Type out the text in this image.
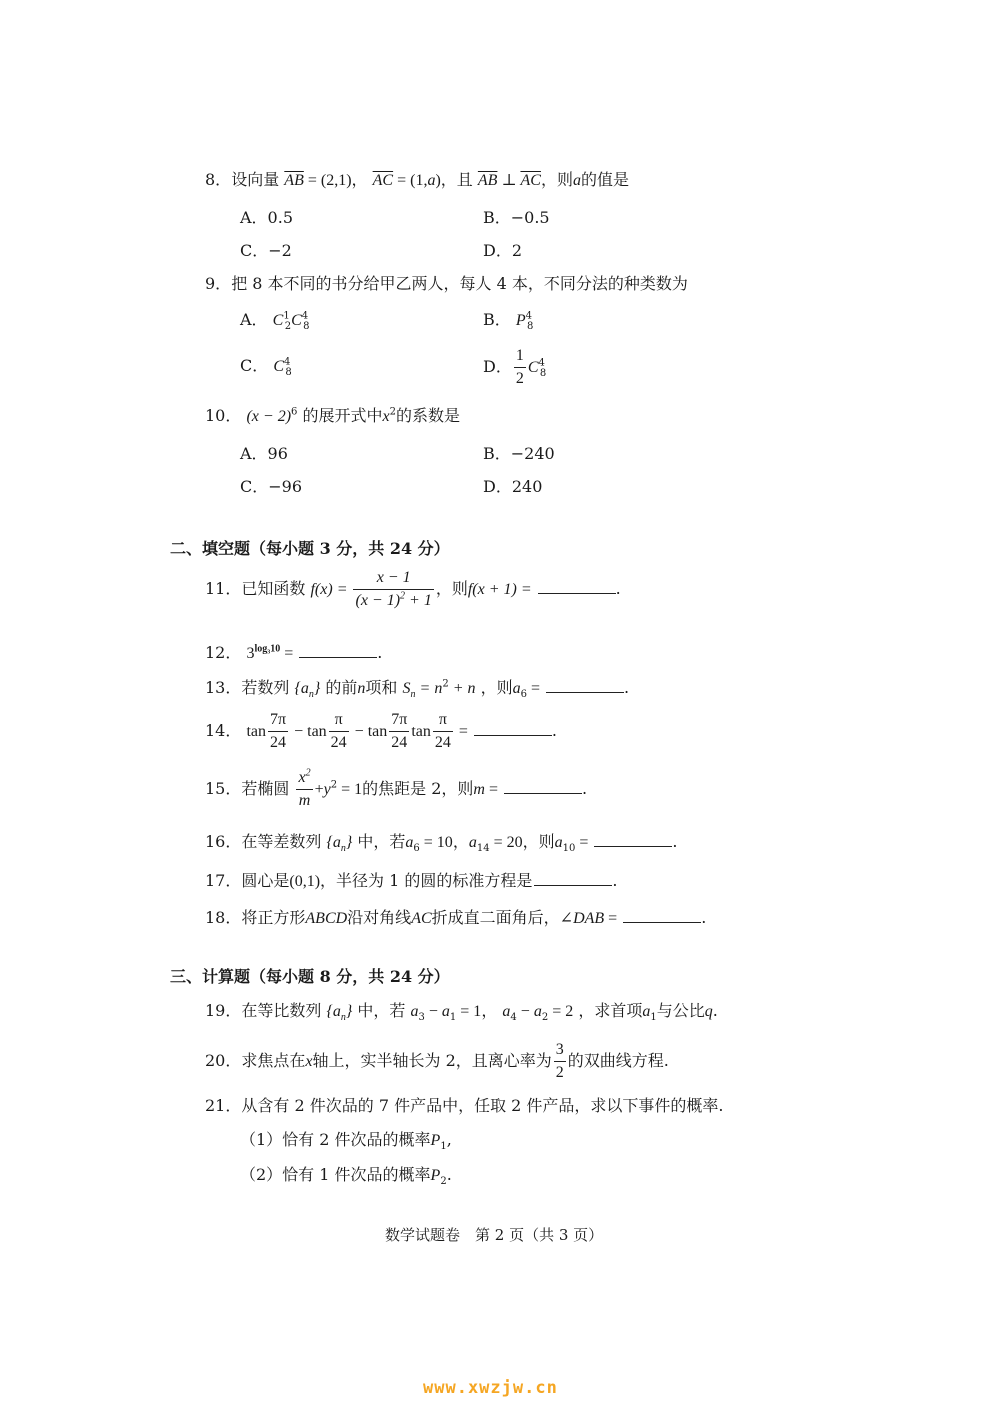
8．设向量 $\overline{AB} = (2,1)$， $\overline{AC} = (1,a)$，且 $\overline{AB}$ ⊥ $\overline{AC}$，则a的值是
A．0.5	B．−0.5
C．−2	D．2
9．把 8 本不同的书分给甲乙两人，每人 4 本，不同分法的种类数为
A． $C^1_2C^4_8$	B． $P^4_8$
C． $C^4_8$	D． $\frac{1}{2} C^4_8$
10． $(x - 2)^6$ 的展开式中$x^2$的系数是
A．96	B．−240
C．−96	D．240
二、填空题（每小题 3 分，共 24 分）
11．已知函数 $f(x) = \frac{x - 1}{(x - 1)^2 + 1}$ ，则f(x + 1) =	.
12． $3^{log_310}$ =	.
13．若数列 $\{a_n\}$ 的前n项和 $S_n = n^2 + n$ ，则$a_6$ =	.
14． $\tan \frac{7\pi}{24} - \tan \frac{\pi}{24} - \tan \frac{7\pi}{24}$ $\tan \frac{\pi}{24}$ =	.
15．若椭圆 $\frac{x^2}{m} +y^2 = 1$的焦距是 2，则m =	.
16．在等差数列 $\{a_n\}$ 中，若$a_6 = 10$，$a_{14} = 20$，则$a_{10}$ =	.
17．圆心是(0,1)，半径为 1 的圆的标准方程是	.
18．将正方形ABCD沿对角线AC折成直二面角后，∠DAB =	.
三、计算题（每小题 8 分，共 24 分）
19．在等比数列 $\{a_n\}$ 中，若 $a_3 - a_1 = 1$， $a_4 - a_2 = 2$ ，求首项$a_1$与公比q.
20．求焦点在x轴上，实半轴长为 2，且离心率为 $\frac{3}{2}$ 的双曲线方程.
21．从含有 2 件次品的 7 件产品中，任取 2 件产品，求以下事件的概率.
（1）恰有 2 件次品的概率$P_1$,
（2）恰有 1 件次品的概率$P_2$.
数学试题卷　第 2 页（共 3 页）
www.xwzjw.cn
